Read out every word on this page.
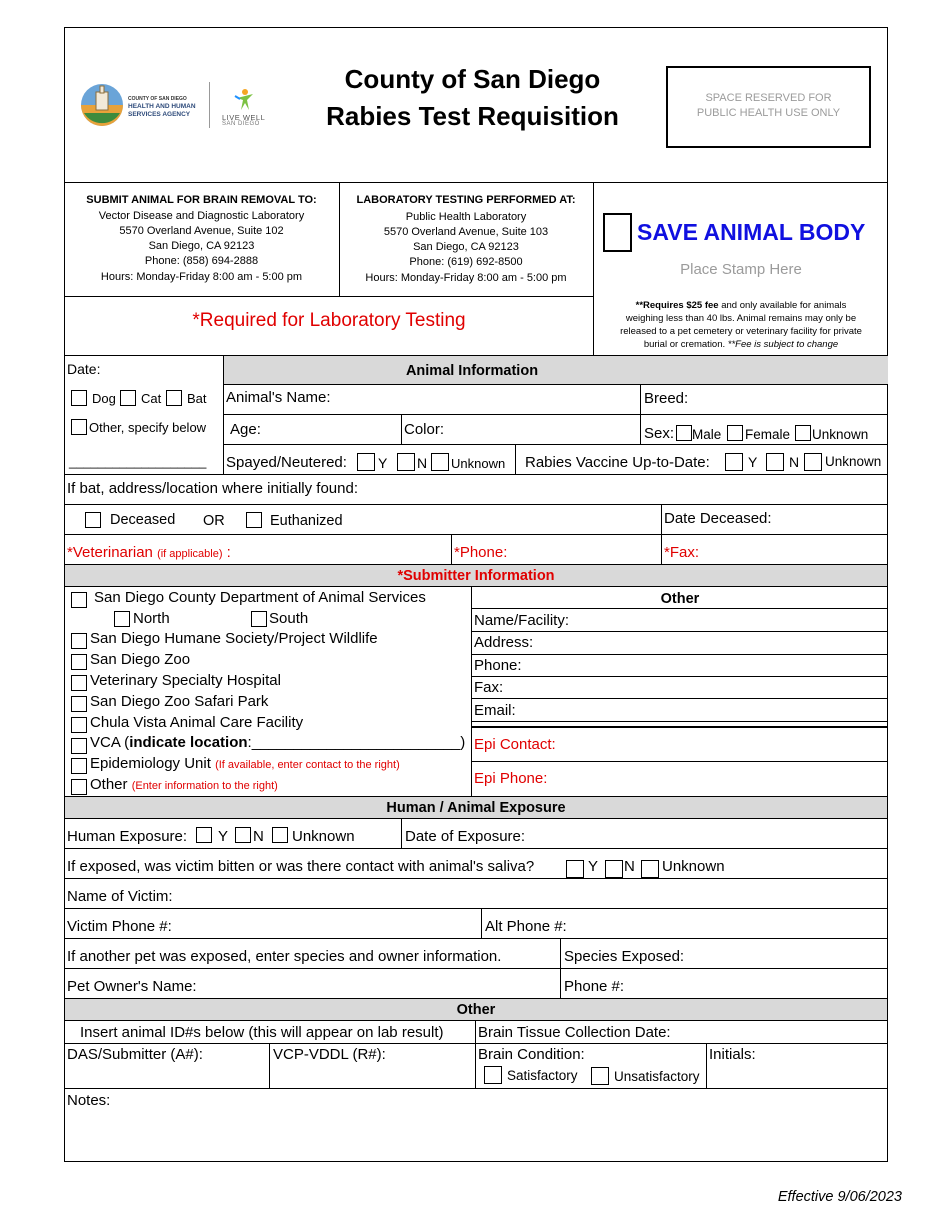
COUNTY OF SAN DIEGO
HEALTH AND HUMAN
SERVICES AGENCY	LIVE WELL
SAN DIEGO
County of San Diego
Rabies Test Requisition
SPACE RESERVED FOR
PUBLIC HEALTH USE ONLY
SUBMIT ANIMAL FOR BRAIN REMOVAL TO:
Vector Disease and Diagnostic Laboratory
5570 Overland Avenue, Suite 102
San Diego, CA 92123
Phone: (858) 694-2888
Hours: Monday-Friday 8:00 am - 5:00 pm
LABORATORY TESTING PERFORMED AT:
Public Health Laboratory
5570 Overland Avenue, Suite 103
San Diego, CA 92123
Phone: (619) 692-8500
Hours: Monday-Friday 8:00 am - 5:00 pm
*Required for Laboratory Testing
SAVE ANIMAL BODY
Place Stamp Here
**Requires $25 fee and only available for animals
weighing less than 40 lbs. Animal remains may only be
released to a pet cemetery or veterinary facility for private
burial or cremation. **Fee is subject to change
Animal Information
Date:
Dog Cat Bat
Other, specify below
___________________
Animal's Name:	Breed:
Age:	Color:	Sex: Male Female Unknown
Spayed/Neutered: Y N Unknown Rabies Vaccine Up-to-Date:	Y N Unknown
If bat, address/location where initially found:
Deceased OR	Euthanized	Date Deceased:
*Veterinarian (if applicable) :	*Phone:	*Fax:
*Submitter Information
San Diego County Department of Animal Services
North	South
San Diego Humane Society/Project Wildlife
San Diego Zoo
Veterinary Specialty Hospital
San Diego Zoo Safari Park
Chula Vista Animal Care Facility
VCA (indicate location:_________________________)
Epidemiology Unit (If available, enter contact to the right)
Other (Enter information to the right)
Other
Name/Facility:
Address:
Phone:
Fax:
Email:
Epi Contact:
Epi Phone:
Human / Animal Exposure
Human Exposure: Y N Unknown	Date of Exposure:
If exposed, was victim bitten or was there contact with animal's saliva?	Y N Unknown
Name of Victim:
Victim Phone #:	Alt Phone #:
If another pet was exposed, enter species and owner information.	Species Exposed:
Pet Owner's Name:	Phone #:
Other
Insert animal ID#s below (this will appear on lab result) Brain Tissue Collection Date:
DAS/Submitter (A#):	VCP-VDDL (R#):	Brain Condition:
Satisfactory	Unsatisfactory
Initials:
Notes:
Effective 9/06/2023
